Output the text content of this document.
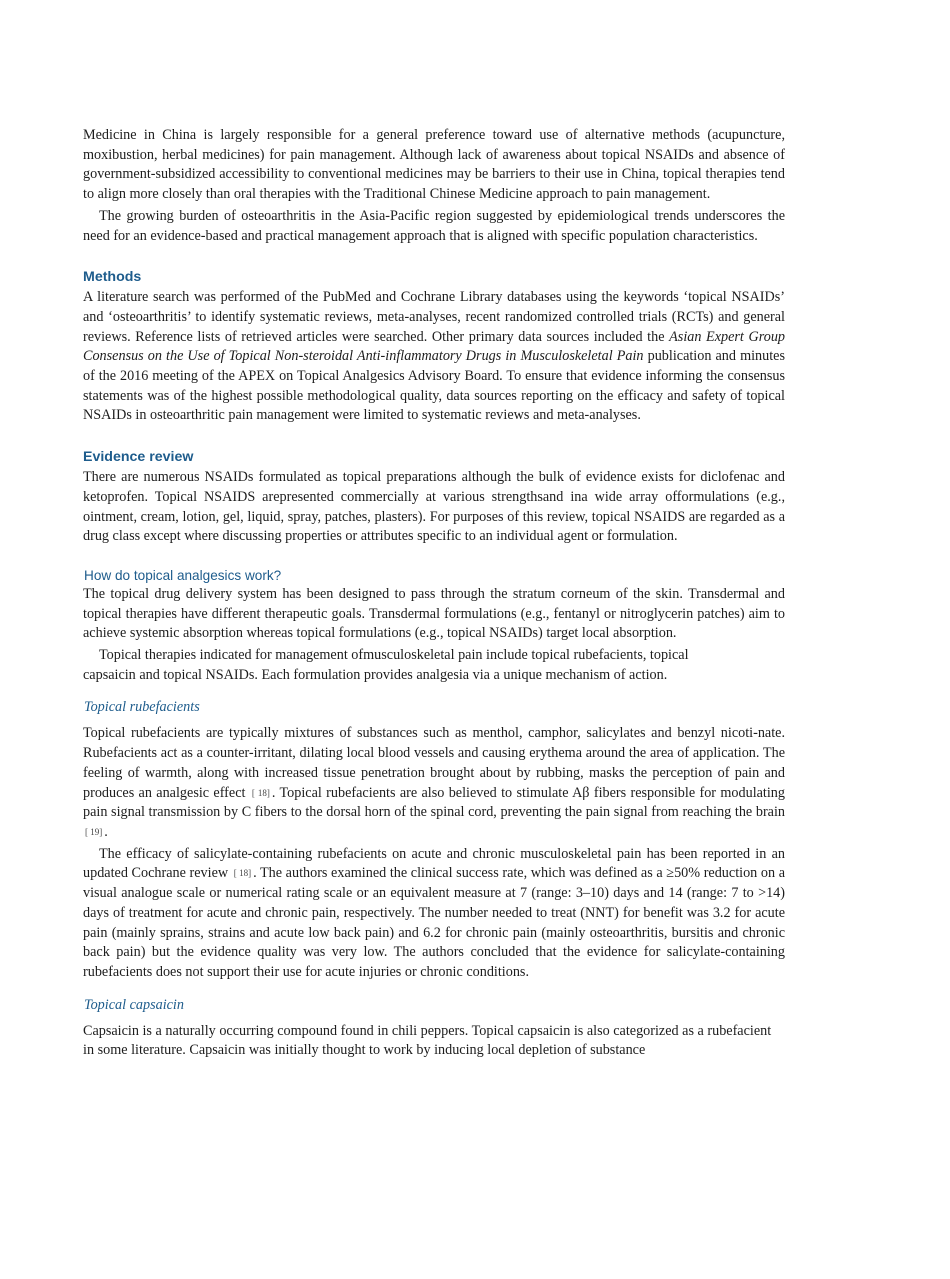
Medicine in China is largely responsible for a general preference toward use of alternative methods (acupuncture, moxibustion, herbal medicines) for pain management. Although lack of awareness about topical NSAIDs and absence of government-subsidized accessibility to conventional medicines may be barriers to their use in China, topical therapies tend to align more closely than oral therapies with the Traditional Chinese Medicine approach to pain management.

The growing burden of osteoarthritis in the Asia-Pacific region suggested by epidemiological trends underscores the need for an evidence-based and practical management approach that is aligned with specific population characteristics.

Methods

A literature search was performed of the PubMed and Cochrane Library databases using the keywords ‘topical NSAIDs’ and ‘osteoarthritis’ to identify systematic reviews, meta-analyses, recent randomized controlled trials (RCTs) and general reviews. Reference lists of retrieved articles were searched. Other primary data sources included the Asian Expert Group Consensus on the Use of Topical Non-steroidal Anti-inflammatory Drugs in Musculoskeletal Pain publication and minutes of the 2016 meeting of the APEX on Topical Analgesics Advisory Board. To ensure that evidence informing the consensus statements was of the highest possible methodological quality, data sources reporting on the efficacy and safety of topical NSAIDs in osteoarthritic pain management were limited to systematic reviews and meta-analyses.

Evidence review

There are numerous NSAIDs formulated as topical preparations although the bulk of evidence exists for diclofenac and ketoprofen. Topical NSAIDS arepresented commercially at various strengthsand ina wide array offormulations (e.g., ointment, cream, lotion, gel, liquid, spray, patches, plasters). For purposes of this review, topical NSAIDS are regarded as a drug class except where discussing properties or attributes specific to an individual agent or formulation.

How do topical analgesics work?

The topical drug delivery system has been designed to pass through the stratum corneum of the skin. Transdermal and topical therapies have different therapeutic goals. Transdermal formulations (e.g., fentanyl or nitroglycerin patches) aim to achieve systemic absorption whereas topical formulations (e.g., topical NSAIDs) target local absorption.

Topical therapies indicated for management ofmusculoskeletal pain include topical rubefacients, topical capsaicin and topical NSAIDs. Each formulation provides analgesia via a unique mechanism of action.

Topical rubefacients

Topical rubefacients are typically mixtures of substances such as menthol, camphor, salicylates and benzyl nicoti-nate. Rubefacients act as a counter-irritant, dilating local blood vessels and causing erythema around the area of application. The feeling of warmth, along with increased tissue penetration brought about by rubbing, masks the perception of pain and produces an analgesic effect [ 18] . Topical rubefacients are also believed to stimulate Aβ fibers responsible for modulating pain signal transmission by C fibers to the dorsal horn of the spinal cord, preventing the pain signal from reaching the brain [ 19] .

The efficacy of salicylate-containing rubefacients on acute and chronic musculoskeletal pain has been reported in an updated Cochrane review [ 18] . The authors examined the clinical success rate, which was defined as a ≥50% reduction on a visual analogue scale or numerical rating scale or an equivalent measure at 7 (range: 3–10) days and 14 (range: 7 to >14) days of treatment for acute and chronic pain, respectively. The number needed to treat (NNT) for benefit was 3.2 for acute pain (mainly sprains, strains and acute low back pain) and 6.2 for chronic pain (mainly osteoarthritis, bursitis and chronic back pain) but the evidence quality was very low. The authors concluded that the evidence for salicylate-containing rubefacients does not support their use for acute injuries or chronic conditions.

Topical capsaicin

Capsaicin is a naturally occurring compound found in chili peppers. Topical capsaicin is also categorized as a rubefacient in some literature. Capsaicin was initially thought to work by inducing local depletion of substance
